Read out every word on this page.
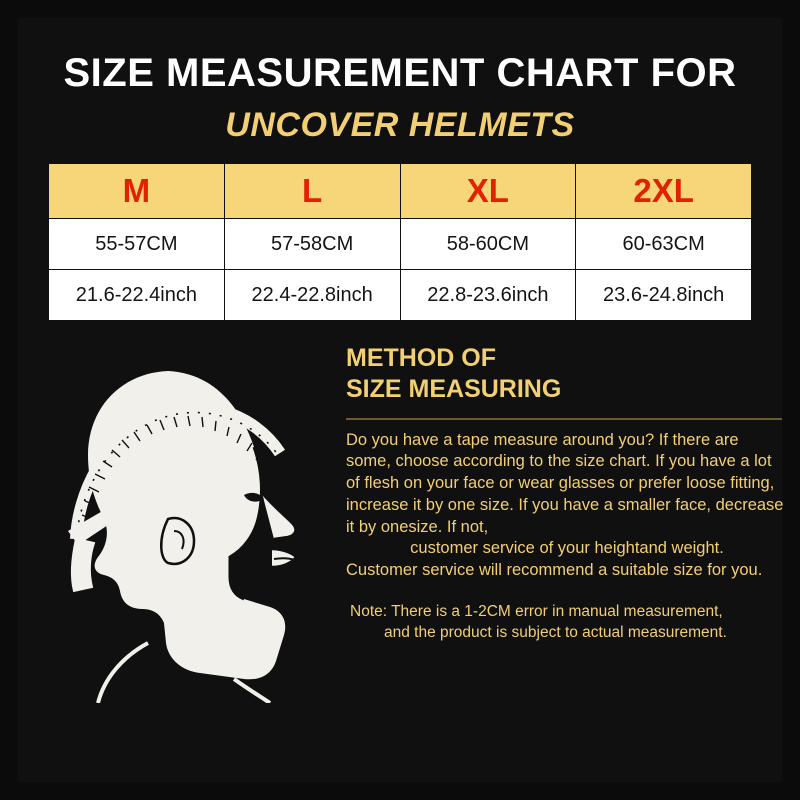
SIZE MEASUREMENT CHART FOR
UNCOVER HELMETS
M	L	XL	2XL
55-57CM	57-58CM	58-60CM	60-63CM
21.6-22.4inch	22.4-22.8inch	22.8-23.6inch	23.6-24.8inch
METHOD OF
SIZE MEASURING
Do you have a tape measure around you? If there are some, choose according to the size chart. If you have a lot of flesh on your face or wear glasses or prefer loose fitting, increase it by one size. If you have a smaller face, decrease it by onesize. If not,
customer service of your heightand weight.
Customer service will recommend a suitable size for you.
Note: There is a 1-2CM error in manual measurement,
and the product is subject to actual measurement.
